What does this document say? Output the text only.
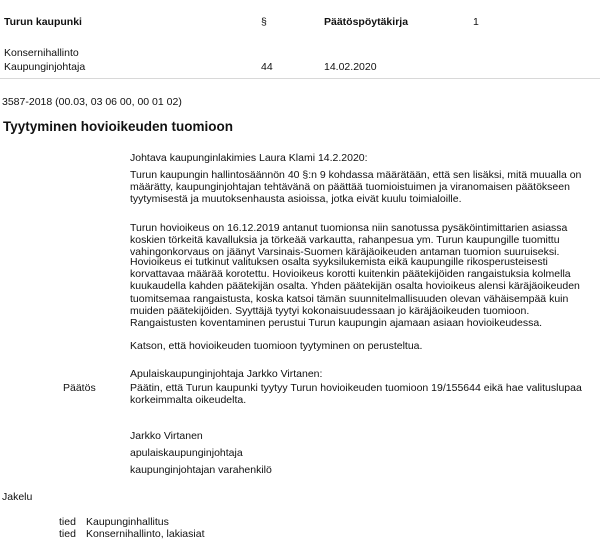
Turun kaupunki	§	Päätöspöytäkirja	1
Konsernihallinto
Kaupunginjohtaja	44	14.02.2020
3587-2018 (00.03, 03 06 00, 00 01 02)
Tyytyminen hovioikeuden tuomioon
Johtava kaupunginlakimies Laura Klami 14.2.2020:
Turun kaupungin hallintosäännön 40 §:n 9 kohdassa määrätään, että sen lisäksi, mitä muualla on määrätty, kaupunginjohtajan tehtävänä on päättää tuomioistuimen ja viranomaisen päätökseen tyytymisestä ja muutoksenhausta asioissa, jotka eivät kuulu toimialoille.
Turun hovioikeus on 16.12.2019 antanut tuomionsa niin sanotussa pysäköintimittarien asiassa koskien törkeitä kavalluksia ja törkeää varkautta, rahanpesua ym. Turun kaupungille tuomittu vahingonkorvaus on jäänyt Varsinais-Suomen käräjäoikeuden antaman tuomion suuruiseksi.
Hovioikeus ei tutkinut valituksen osalta syyksilukemista eikä kaupungille rikosperusteisesti korvattavaa määrää korotettu. Hovioikeus korotti kuitenkin päätekijöiden rangaistuksia kolmella kuukaudella kahden päätekijän osalta. Yhden päätekijän osalta hovioikeus alensi käräjäoikeuden tuomitsemaa rangaistusta, koska katsoi tämän suunnitelmallisuuden olevan vähäisempää kuin muiden päätekijöiden. Syyttäjä tyytyi kokonaisuudessaan jo käräjäoikeuden tuomioon. Rangaistusten koventaminen perustui Turun kaupungin ajamaan asiaan hovioikeudessa.
Katson, että hovioikeuden tuomioon tyytyminen on perusteltua.
Apulaiskaupunginjohtaja Jarkko Virtanen:
Päätös	Päätin, että Turun kaupunki tyytyy Turun hovioikeuden tuomioon 19/155644 eikä hae valituslupaa korkeimmalta oikeudelta.
Jarkko Virtanen
apulaiskaupunginjohtaja
kaupunginjohtajan varahenkilö
Jakelu
tied Kaupunginhallitus
tied Konsernihallinto, lakiasiat
